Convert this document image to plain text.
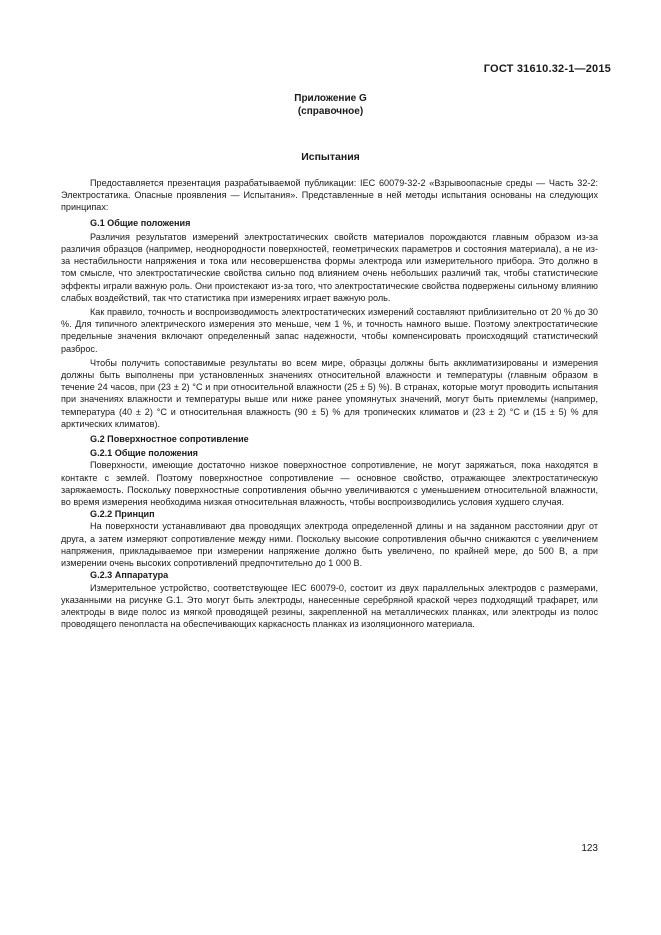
ГОСТ 31610.32-1—2015
Приложение G
(справочное)
Испытания

Предоставляется презентация разрабатываемой публикации: IEC 60079-32-2 «Взрывоопасные среды — Часть 32-2: Электростатика. Опасные проявления — Испытания». Представленные в ней методы испытания основаны на следующих принципах:

G.1 Общие положения

Различия результатов измерений электростатических свойств материалов порождаются главным образом из-за различия образцов (например, неоднородности поверхностей, геометрических параметров и состояния материала), а не из-за нестабильности напряжения и тока или несовершенства формы электрода или измерительного прибора. Это должно в том смысле, что электростатические свойства сильно под влиянием очень небольших различий так, чтобы статистические эффекты играли важную роль. Они проистекают из-за того, что электростатические свойства подвержены сильному влиянию слабых воздействий, так что статистика при измерениях играет важную роль.

Как правило, точность и воспроизводимость электростатических измерений составляют приблизительно от 20 % до 30 %. Для типичного электрического измерения это меньше, чем 1 %, и точность намного выше. Поэтому электростатические предельные значения включают определенный запас надежности, чтобы компенсировать происходящий статистический разброс.

Чтобы получить сопоставимые результаты во всем мире, образцы должны быть акклиматизированы и измерения должны быть выполнены при установленных значениях относительной влажности и температуры (главным образом в течение 24 часов, при (23 ± 2) °C и при относительной влажности (25 ± 5) %). В странах, которые могут проводить испытания при значениях влажности и температуры выше или ниже ранее упомянутых значений, могут быть приемлемы (например, температура (40 ± 2) °C и относительная влажность (90 ± 5) % для тропических климатов и (23 ± 2) °C и (15 ± 5) % для арктических климатов).

G.2 Поверхностное сопротивление
G.2.1 Общие положения

Поверхности, имеющие достаточно низкое поверхностное сопротивление, не могут заряжаться, пока находятся в контакте с землей. Поэтому поверхностное сопротивление — основное свойство, отражающее электростатическую заряжаемость. Поскольку поверхностные сопротивления обычно увеличиваются с уменьшением относительной влажности, во время измерения необходима низкая относительная влажность, чтобы воспроизводились условия худшего случая.

G.2.2 Принцип

На поверхности устанавливают два проводящих электрода определенной длины и на заданном расстоянии друг от друга, а затем измеряют сопротивление между ними. Поскольку высокие сопротивления обычно снижаются с увеличением напряжения, прикладываемое при измерении напряжение должно быть увеличено, по крайней мере, до 500 В, а при измерении очень высоких сопротивлений предпочтительно до 1 000 В.

G.2.3 Аппаратура

Измерительное устройство, соответствующее IEC 60079-0, состоит из двух параллельных электродов с размерами, указанными на рисунке G.1. Это могут быть электроды, нанесенные серебряной краской через подходящий трафарет, или электроды в виде полос из мягкой проводящей резины, закрепленной на металлических планках, или электроды из полос проводящего пенопласта на обеспечивающих каркасность планках из изоляционного материала.

123
